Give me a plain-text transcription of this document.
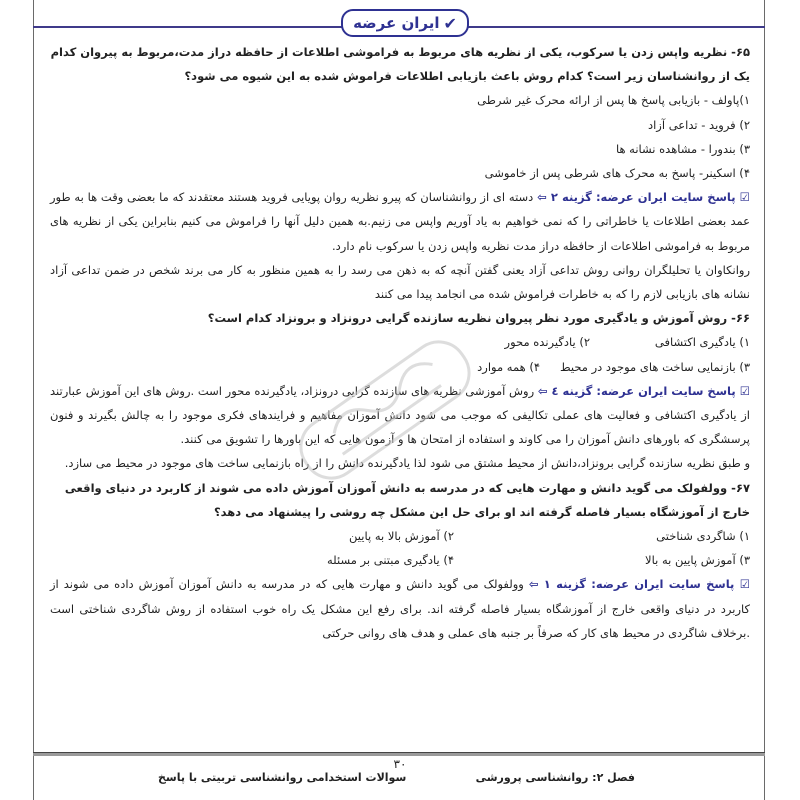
ایران عرضه ✔

۶۵- نظریه واپس زدن یا سرکوب، یکی از نظریه های مربوط به فراموشی اطلاعات از حافظه دراز مدت،مربوط به پیروان کدام یک از روانشناسان زیر است؟ کدام روش باعث بازیابی اطلاعات فراموش شده به این شیوه می شود؟

۱)پاولف - بازیابی پاسخ ها پس از ارائه محرک غیر شرطی

۲) فروید - تداعی آزاد

۳) بندورا - مشاهده نشانه ها

۴) اسکینر- پاسخ به محرک های شرطی پس از خاموشی

☑ پاسخ سایت ایران عرضه: گزینه ۲ ⇦ دسته ای از روانشناسان که پیرو نظریه روان پویایی فروید هستند معتقدند که ما بعضی وقت ها به طور عمد بعضی اطلاعات یا خاطراتی را که نمی خواهیم به یاد آوریم واپس می زنیم.به همین دلیل آنها را فراموش می کنیم بنابراین یکی از نظریه های مربوط به فراموشی اطلاعات از حافظه دراز مدت نظریه واپس زدن یا سرکوب نام دارد.

روانکاوان یا تحلیلگران روانی روش تداعی آزاد یعنی گفتن آنچه که به ذهن می رسد را به همین منظور به کار می برند شخص در ضمن تداعی آزاد نشانه های بازیابی لازم را که به خاطرات فراموش شده می انجامد پیدا می کنند

۶۶- روش آموزش و یادگیری مورد نظر پیروان نظریه سازنده گرایی درونزاد و برونزاد کدام است؟

۱) یادگیری اکتشافی
۲) یادگیرنده محور
۳) بازنمایی ساخت های موجود در محیط
۴) همه موارد

☑ پاسخ سایت ایران عرضه: گزینه ٤ ⇦ روش آموزشی نظریه های سازنده گرایی درونزاد، یادگیرنده محور است .روش های این آموزش عبارتند از یادگیری اکتشافی و فعالیت های عملی تکالیفی که موجب می شود دانش آموزان مفاهیم و فرایندهای فکری موجود را به چالش بگیرند و فنون پرسشگری که باورهای دانش آموزان را می کاوند و استفاده از امتحان ها و آزمون هایی که این باورها را تشویق می کنند.

و طبق نظریه سازنده گرایی برونزاد،دانش از محیط مشتق می شود لذا یادگیرنده دانش را از راه بازنمایی ساخت های موجود در محیط می سازد.

۶۷- وولفولک می گوید دانش و مهارت هایی که در مدرسه به دانش آموزان آموزش داده می شوند از کاربرد در دنیای واقعی خارج از آموزشگاه بسیار فاصله گرفته اند او برای حل این مشکل چه روشی را پیشنهاد می دهد؟

۱) شاگردی شناختی
۲) آموزش بالا به پایین
۳) آموزش پایین به بالا
۴) یادگیری مبتنی بر مسئله

☑ پاسخ سایت ایران عرضه: گزینه ۱ ⇦ وولفولک می گوید دانش و مهارت هایی که در مدرسه به دانش آموزان آموزش داده می شوند از کاربرد در دنیای واقعی خارج از آموزشگاه بسیار فاصله گرفته اند. برای رفع این مشکل یک راه خوب استفاده از روش شاگردی شناختی است .برخلاف شاگردی در محیط های کار که صرفاً بر جنبه های عملی و هدف های روانی حرکتی

۳۰
فصل ۲: روانشناسی پرورشی
سوالات استخدامی روانشناسی تربیتی با پاسخ
